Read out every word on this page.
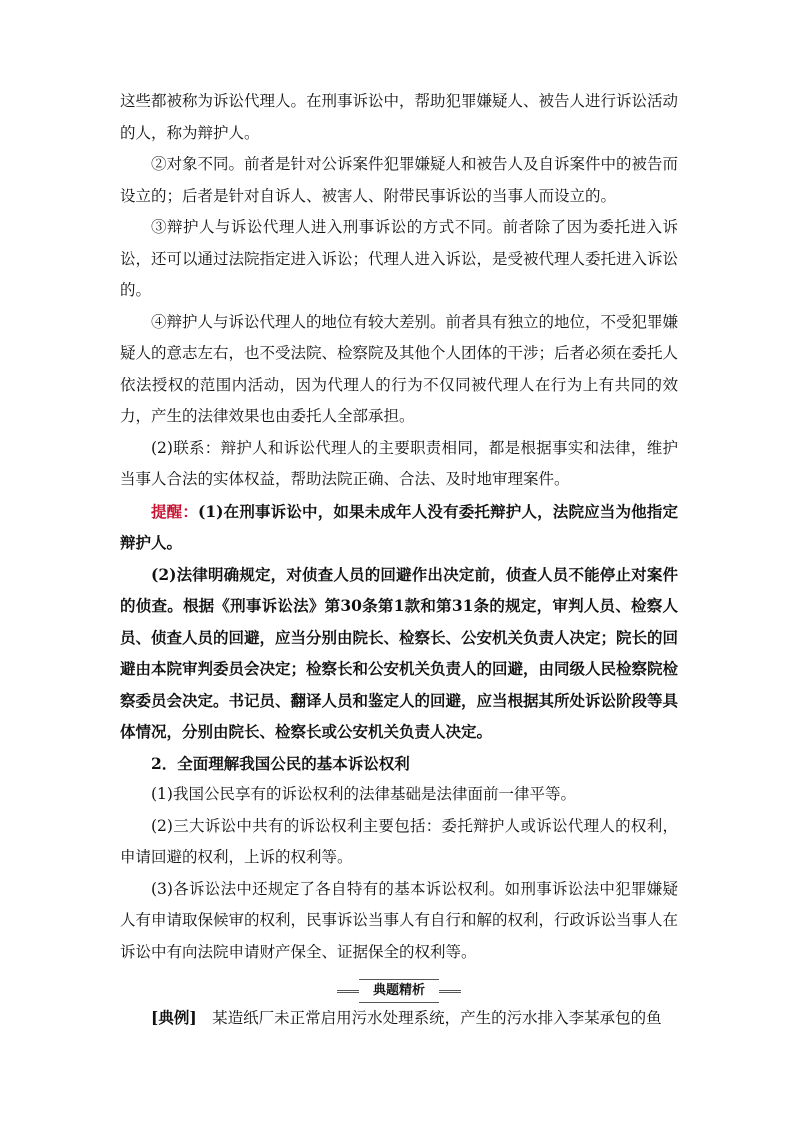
这些都被称为诉讼代理人。在刑事诉讼中，帮助犯罪嫌疑人、被告人进行诉讼活动的人，称为辩护人。

②对象不同。前者是针对公诉案件犯罪嫌疑人和被告人及自诉案件中的被告而设立的；后者是针对自诉人、被害人、附带民事诉讼的当事人而设立的。

③辩护人与诉讼代理人进入刑事诉讼的方式不同。前者除了因为委托进入诉讼，还可以通过法院指定进入诉讼；代理人进入诉讼，是受被代理人委托进入诉讼的。

④辩护人与诉讼代理人的地位有较大差别。前者具有独立的地位，不受犯罪嫌疑人的意志左右，也不受法院、检察院及其他个人团体的干涉；后者必须在委托人依法授权的范围内活动，因为代理人的行为不仅同被代理人在行为上有共同的效力，产生的法律效果也由委托人全部承担。

(2)联系：辩护人和诉讼代理人的主要职责相同，都是根据事实和法律，维护当事人合法的实体权益，帮助法院正确、合法、及时地审理案件。

提醒：(1)在刑事诉讼中，如果未成年人没有委托辩护人，法院应当为他指定辩护人。

(2)法律明确规定，对侦查人员的回避作出决定前，侦查人员不能停止对案件的侦查。根据《刑事诉讼法》第30条第1款和第31条的规定，审判人员、检察人员、侦查人员的回避，应当分别由院长、检察长、公安机关负责人决定；院长的回避由本院审判委员会决定；检察长和公安机关负责人的回避，由同级人民检察院检察委员会决定。书记员、翻译人员和鉴定人的回避，应当根据其所处诉讼阶段等具体情况，分别由院长、检察长或公安机关负责人决定。

2．全面理解我国公民的基本诉讼权利

(1)我国公民享有的诉讼权利的法律基础是法律面前一律平等。

(2)三大诉讼中共有的诉讼权利主要包括：委托辩护人或诉讼代理人的权利，申请回避的权利，上诉的权利等。

(3)各诉讼法中还规定了各自特有的基本诉讼权利。如刑事诉讼法中犯罪嫌疑人有申请取保候审的权利，民事诉讼当事人有自行和解的权利，行政诉讼当事人在诉讼中有向法院申请财产保全、证据保全的权利等。

典题精析

[典例]　某造纸厂未正常启用污水处理系统，产生的污水排入李某承包的鱼
